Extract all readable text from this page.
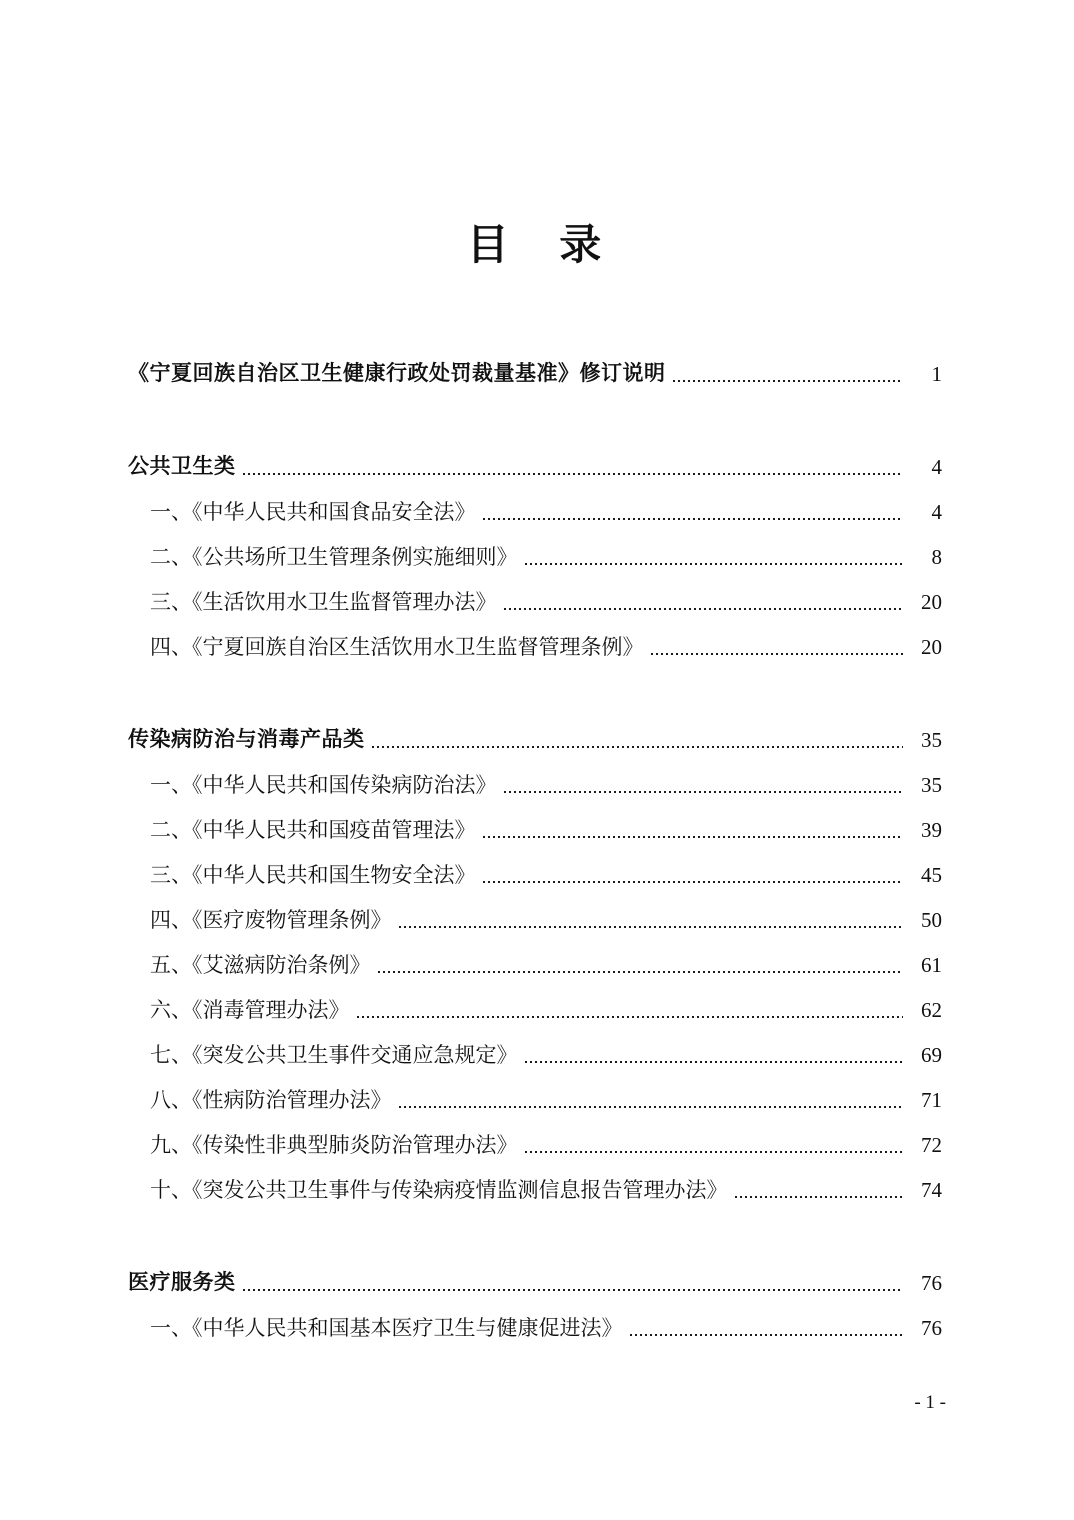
目 录
《宁夏回族自治区卫生健康行政处罚裁量基准》修订说明	1
公共卫生类	4
一、《中华人民共和国食品安全法》	4
二、《公共场所卫生管理条例实施细则》	8
三、《生活饮用水卫生监督管理办法》	20
四、《宁夏回族自治区生活饮用水卫生监督管理条例》	20
传染病防治与消毒产品类	35
一、《中华人民共和国传染病防治法》	35
二、《中华人民共和国疫苗管理法》	39
三、《中华人民共和国生物安全法》	45
四、《医疗废物管理条例》	50
五、《艾滋病防治条例》	61
六、《消毒管理办法》	62
七、《突发公共卫生事件交通应急规定》	69
八、《性病防治管理办法》	71
九、《传染性非典型肺炎防治管理办法》	72
十、《突发公共卫生事件与传染病疫情监测信息报告管理办法》	74
医疗服务类	76
一、《中华人民共和国基本医疗卫生与健康促进法》	76
- 1 -
